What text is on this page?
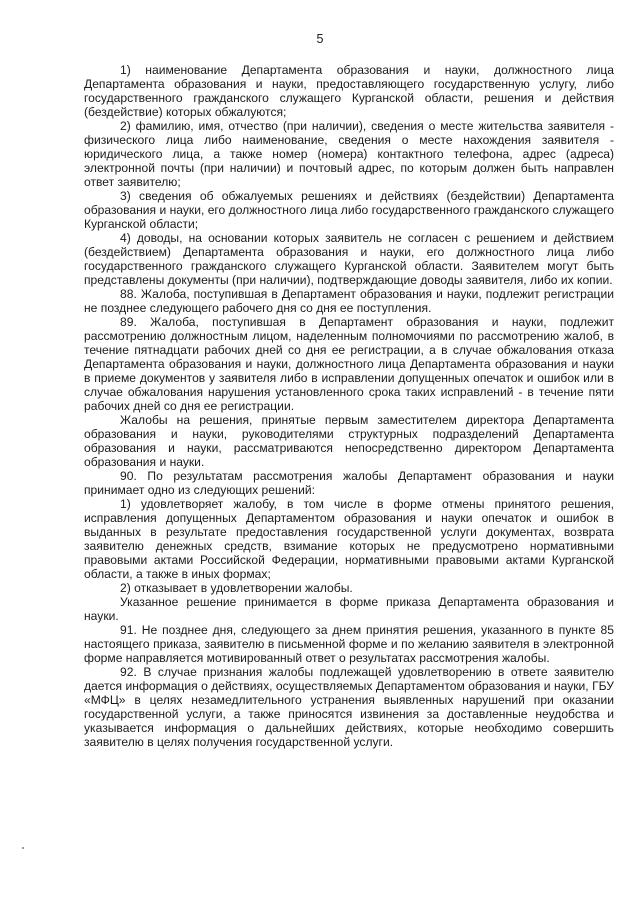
5

1) наименование Департамента образования и науки, должностного лица Департамента образования и науки, предоставляющего государственную услугу, либо государственного гражданского служащего Курганской области, решения и действия (бездействие) которых обжалуются;

2) фамилию, имя, отчество (при наличии), сведения о месте жительства заявителя - физического лица либо наименование, сведения о месте нахождения заявителя - юридического лица, а также номер (номера) контактного телефона, адрес (адреса) электронной почты (при наличии) и почтовый адрес, по которым должен быть направлен ответ заявителю;

3) сведения об обжалуемых решениях и действиях (бездействии) Департамента образования и науки, его должностного лица либо государственного гражданского служащего Курганской области;

4) доводы, на основании которых заявитель не согласен с решением и действием (бездействием) Департамента образования и науки, его должностного лица либо государственного гражданского служащего Курганской области. Заявителем могут быть представлены документы (при наличии), подтверждающие доводы заявителя, либо их копии.

88. Жалоба, поступившая в Департамент образования и науки, подлежит регистрации не позднее следующего рабочего дня со дня ее поступления.

89. Жалоба, поступившая в Департамент образования и науки, подлежит рассмотрению должностным лицом, наделенным полномочиями по рассмотрению жалоб, в течение пятнадцати рабочих дней со дня ее регистрации, а в случае обжалования отказа Департамента образования и науки, должностного лица Департамента образования и науки в приеме документов у заявителя либо в исправлении допущенных опечаток и ошибок или в случае обжалования нарушения установленного срока таких исправлений - в течение пяти рабочих дней со дня ее регистрации.

Жалобы на решения, принятые первым заместителем директора Департамента образования и науки, руководителями структурных подразделений Департамента образования и науки, рассматриваются непосредственно директором Департамента образования и науки.

90. По результатам рассмотрения жалобы Департамент образования и науки принимает одно из следующих решений:

1) удовлетворяет жалобу, в том числе в форме отмены принятого решения, исправления допущенных Департаментом образования и науки опечаток и ошибок в выданных в результате предоставления государственной услуги документах, возврата заявителю денежных средств, взимание которых не предусмотрено нормативными правовыми актами Российской Федерации, нормативными правовыми актами Курганской области, а также в иных формах;

2) отказывает в удовлетворении жалобы.

Указанное решение принимается в форме приказа Департамента образования и науки.

91. Не позднее дня, следующего за днем принятия решения, указанного в пункте 85 настоящего приказа, заявителю в письменной форме и по желанию заявителя в электронной форме направляется мотивированный ответ о результатах рассмотрения жалобы.

92. В случае признания жалобы подлежащей удовлетворению в ответе заявителю дается информация о действиях, осуществляемых Департаментом образования и науки, ГБУ «МФЦ» в целях незамедлительного устранения выявленных нарушений при оказании государственной услуги, а также приносятся извинения за доставленные неудобства и указывается информация о дальнейших действиях, которые необходимо совершить заявителю в целях получения государственной услуги.
